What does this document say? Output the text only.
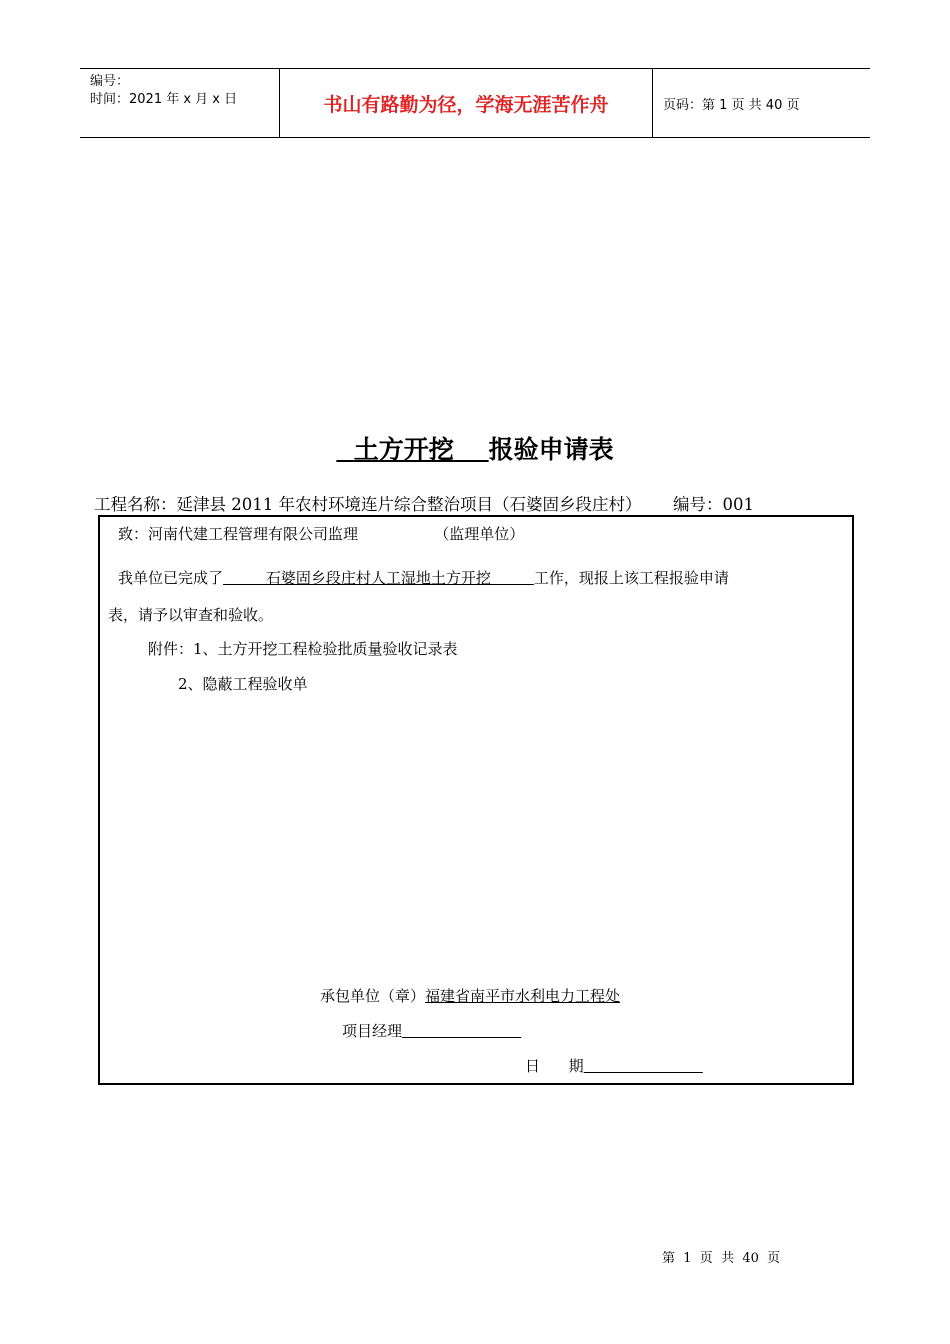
编号：
时间：2021 年 x 月 x 日	书山有路勤为径，学海无涯苦作舟	页码：第 1 页 共 40 页
土方开挖 报验申请表
工程名称：延津县 2011 年农村环境连片综合整治项目（石婆固乡段庄村）      编号：001
致：河南代建工程管理有限公司监理                （监理单位）
我单位已完成了         石婆固乡段庄村人工湿地土方开挖         工作，现报上该工程报验申请
表，请予以审查和验收。
附件：1、土方开挖工程检验批质量验收记录表
2、隐蔽工程验收单
承包单位（章）福建省南平市水利电力工程处
项目经理
日      期
第  1  页  共  40  页
